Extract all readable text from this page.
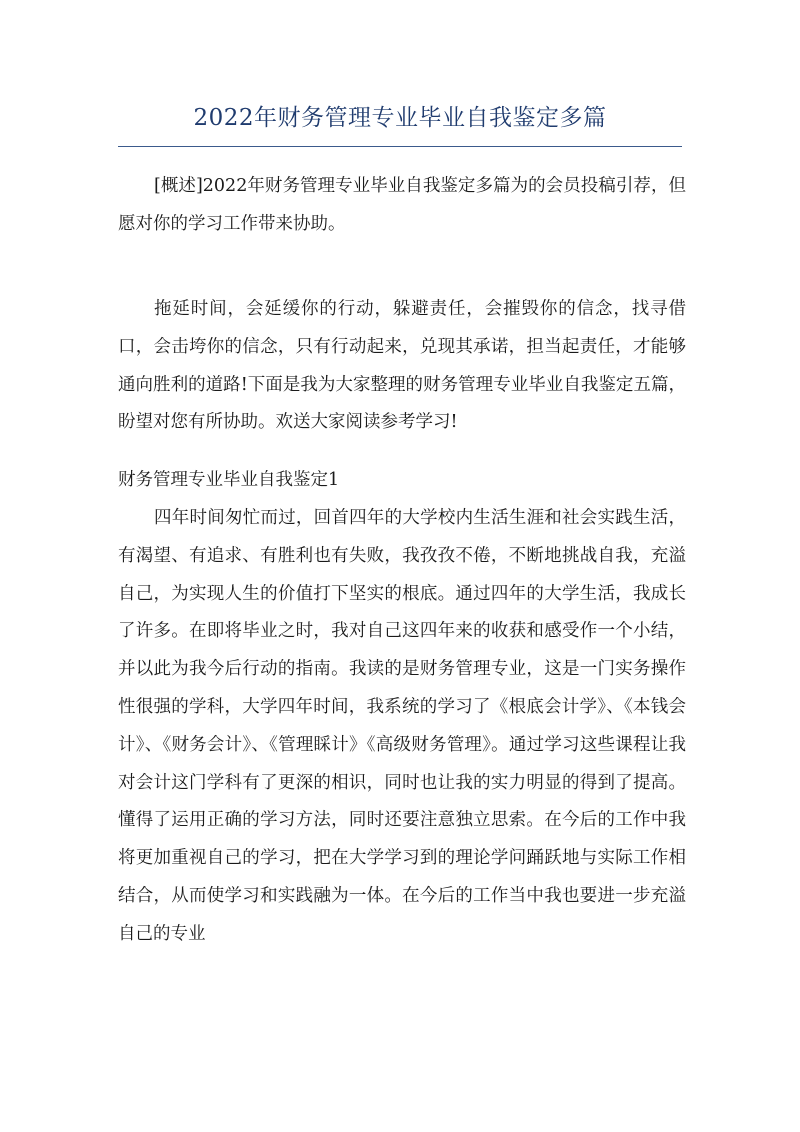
2022年财务管理专业毕业自我鉴定多篇

[概述]2022年财务管理专业毕业自我鉴定多篇为的会员投稿引荐，但愿对你的学习工作带来协助。

拖延时间，会延缓你的行动，躲避责任，会摧毁你的信念，找寻借口，会击垮你的信念，只有行动起来，兑现其承诺，担当起责任，才能够通向胜利的道路!下面是我为大家整理的财务管理专业毕业自我鉴定五篇，盼望对您有所协助。欢送大家阅读参考学习!

财务管理专业毕业自我鉴定1

四年时间匆忙而过，回首四年的大学校内生活生涯和社会实践生活，有渴望、有追求、有胜利也有失败，我孜孜不倦，不断地挑战自我，充溢自己，为实现人生的价值打下坚实的根底。通过四年的大学生活，我成长了许多。在即将毕业之时，我对自己这四年来的收获和感受作一个小结，并以此为我今后行动的指南。我读的是财务管理专业，这是一门实务操作性很强的学科，大学四年时间，我系统的学习了《根底会计学》、《本钱会计》、《财务会计》、《管理睬计》《高级财务管理》。通过学习这些课程让我对会计这门学科有了更深的相识，同时也让我的实力明显的得到了提高。懂得了运用正确的学习方法，同时还要注意独立思索。在今后的工作中我将更加重视自己的学习，把在大学学习到的理论学问踊跃地与实际工作相结合，从而使学习和实践融为一体。在今后的工作当中我也要进一步充溢自己的专业
